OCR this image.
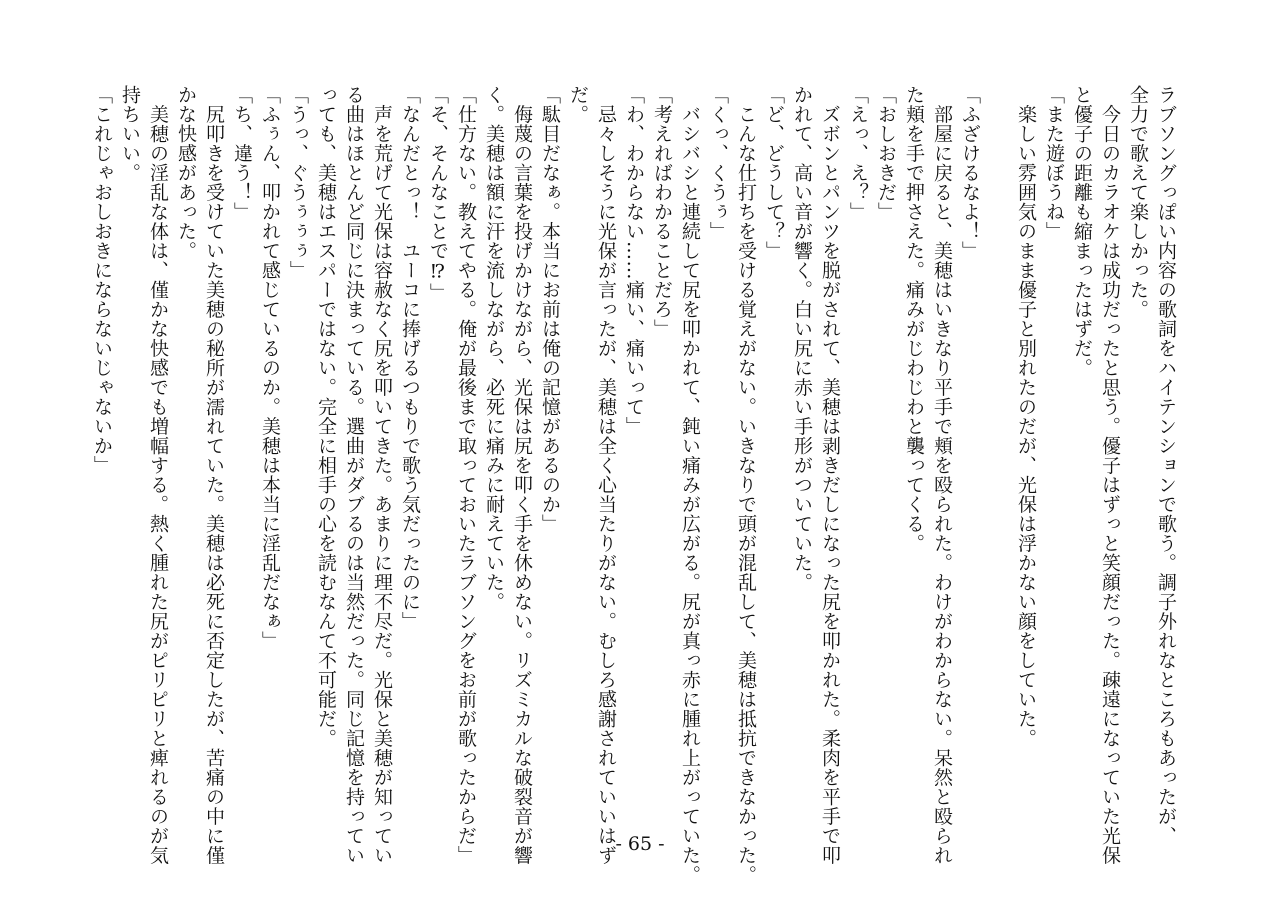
ラブソングっぽい内容の歌詞をハイテンションで歌う。調子外れなところもあったが、
全力で歌えて楽しかった。
　今日のカラオケは成功だったと思う。優子はずっと笑顔だった。疎遠になっていた光保
と優子の距離も縮まったはずだ。
「また遊ぼうね」
　楽しい雰囲気のまま優子と別れたのだが、光保は浮かない顔をしていた。

「ふざけるなよ！」
　部屋に戻ると、美穂はいきなり平手で頬を殴られた。わけがわからない。呆然と殴られ
た頬を手で押さえた。痛みがじわじわと襲ってくる。
「おしおきだ」
「えっ、え？」
　ズボンとパンツを脱がされて、美穂は剥きだしになった尻を叩かれた。柔肉を平手で叩
かれて、高い音が響く。白い尻に赤い手形がついていた。
「ど、どうして？」
　こんな仕打ちを受ける覚えがない。いきなりで頭が混乱して、美穂は抵抗できなかった。
「くっ、くうぅ」
　バシバシと連続して尻を叩かれて、鈍い痛みが広がる。尻が真っ赤に腫れ上がっていた。
「考えればわかることだろ」
「わ、わからない……痛い、痛いって」
　忌々しそうに光保が言ったが、美穂は全く心当たりがない。むしろ感謝されていいはず
だ。
「駄目だなぁ。本当にお前は俺の記憶があるのか」
　侮蔑の言葉を投げかけながら、光保は尻を叩く手を休めない。リズミカルな破裂音が響
く。美穂は額に汗を流しながら、必死に痛みに耐えていた。
「仕方ない。教えてやる。俺が最後まで取っておいたラブソングをお前が歌ったからだ」
「そ、そんなことで⁉」
「なんだとっ！　ユーコに捧げるつもりで歌う気だったのに」
　声を荒げて光保は容赦なく尻を叩いてきた。あまりに理不尽だ。光保と美穂が知ってい
る曲はほとんど同じに決まっている。選曲がダブるのは当然だった。同じ記憶を持ってい
っても、美穂はエスパーではない。完全に相手の心を読むなんて不可能だ。
「うっ、ぐうぅぅぅ」
「ふぅん、叩かれて感じているのか。美穂は本当に淫乱だなぁ」
「ち、違う！」
　尻叩きを受けていた美穂の秘所が濡れていた。美穂は必死に否定したが、苦痛の中に僅
かな快感があった。
　美穂の淫乱な体は、僅かな快感でも増幅する。熱く腫れた尻がピリピリと痺れるのが気
持ちいい。
「これじゃおしおきにならないじゃないか」
- 65 -
